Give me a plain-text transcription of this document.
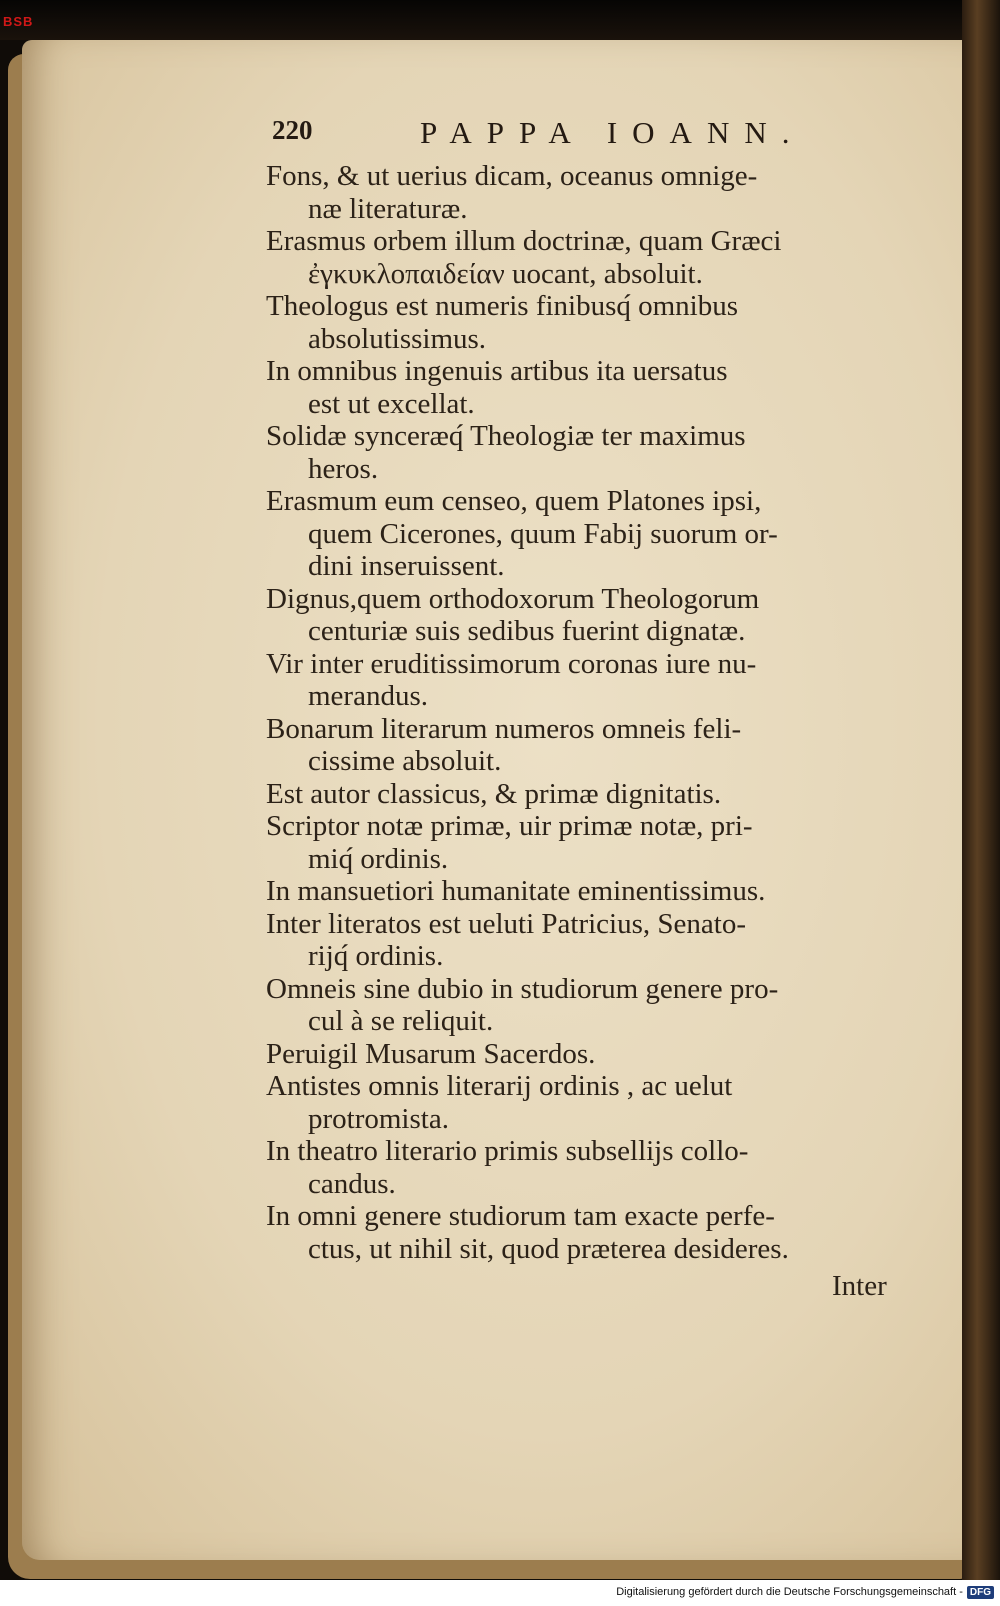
BSB
220	PAPPA IOANN.

Fons, & ut uerius dicam, oceanus omnige-
næ literaturæ.

Erasmus orbem illum doctrinæ, quam Græci
ἐγκυκλοπαιδείαν uocant, absoluit.

Theologus est numeris finibusq́ omnibus
absolutissimus.

In omnibus ingenuis artibus ita uersatus
est ut excellat.

Solidæ synceræq́ Theologiæ ter maximus
heros.

Erasmum eum censeo, quem Platones ipsi,
quem Cicerones, quum Fabij suorum or-
dini inseruissent.

Dignus,quem orthodoxorum Theologorum
centuriæ suis sedibus fuerint dignatæ.

Vir inter eruditissimorum coronas iure nu-
merandus.

Bonarum literarum numeros omneis feli-
cissime absoluit.

Est autor classicus, & primæ dignitatis.

Scriptor notæ primæ, uir primæ notæ, pri-
miq́ ordinis.

In mansuetiori humanitate eminentissimus.

Inter literatos est ueluti Patricius, Senato-
rijq́ ordinis.

Omneis sine dubio in studiorum genere pro-
cul à se reliquit.

Peruigil Musarum Sacerdos.

Antistes omnis literarij ordinis , ac uelut
protromista.

In theatro literario primis subsellijs collo-
candus.

In omni genere studiorum tam exacte perfe-
ctus, ut nihil sit, quod præterea desideres.

Inter
Digitalisierung gefördert durch die Deutsche Forschungsgemeinschaft - DFG
